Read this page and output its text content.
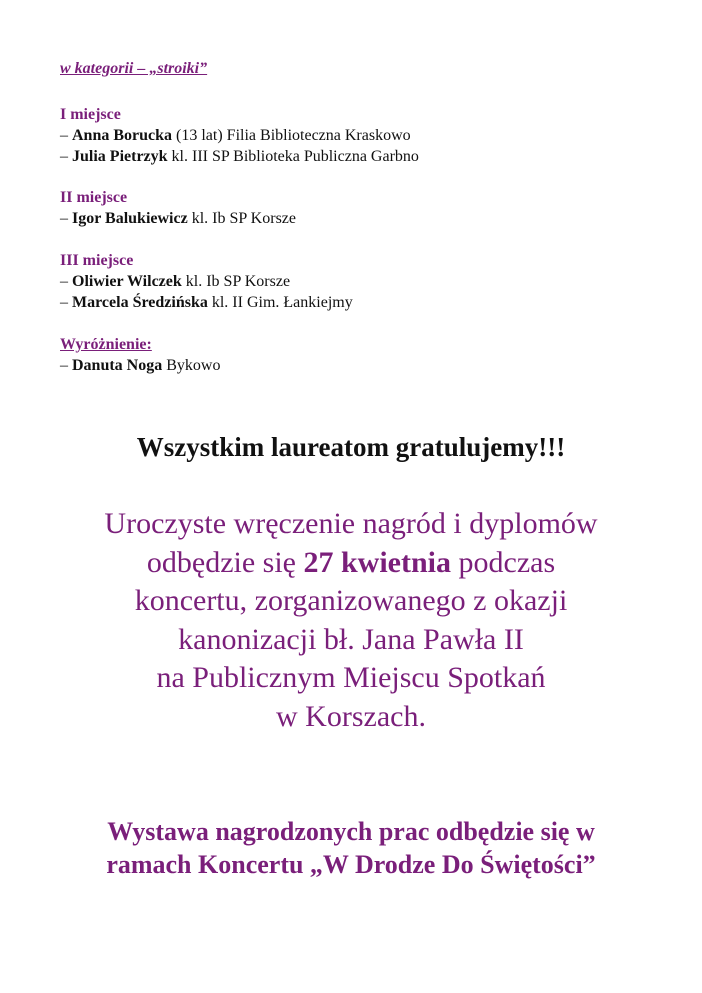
w kategorii – „stroiki”
I miejsce
– Anna Borucka (13 lat) Filia Biblioteczna Kraskowo
– Julia Pietrzyk kl. III SP Biblioteka Publiczna Garbno
II miejsce
– Igor Balukiewicz kl. Ib SP Korsze
III miejsce
– Oliwier Wilczek kl. Ib SP Korsze
– Marcela Średzińska kl. II Gim. Łankiejmy
Wyróżnienie:
– Danuta Noga Bykowo
Wszystkim laureatom gratulujemy!!!
Uroczyste wręczenie nagród i dyplomów
odbędzie się 27 kwietnia podczas
koncertu, zorganizowanego z okazji
kanonizacji bł. Jana Pawła II
na Publicznym Miejscu Spotkań
w Korszach.
Wystawa nagrodzonych prac odbędzie się w
ramach Koncertu „W Drodze Do Świętości”
